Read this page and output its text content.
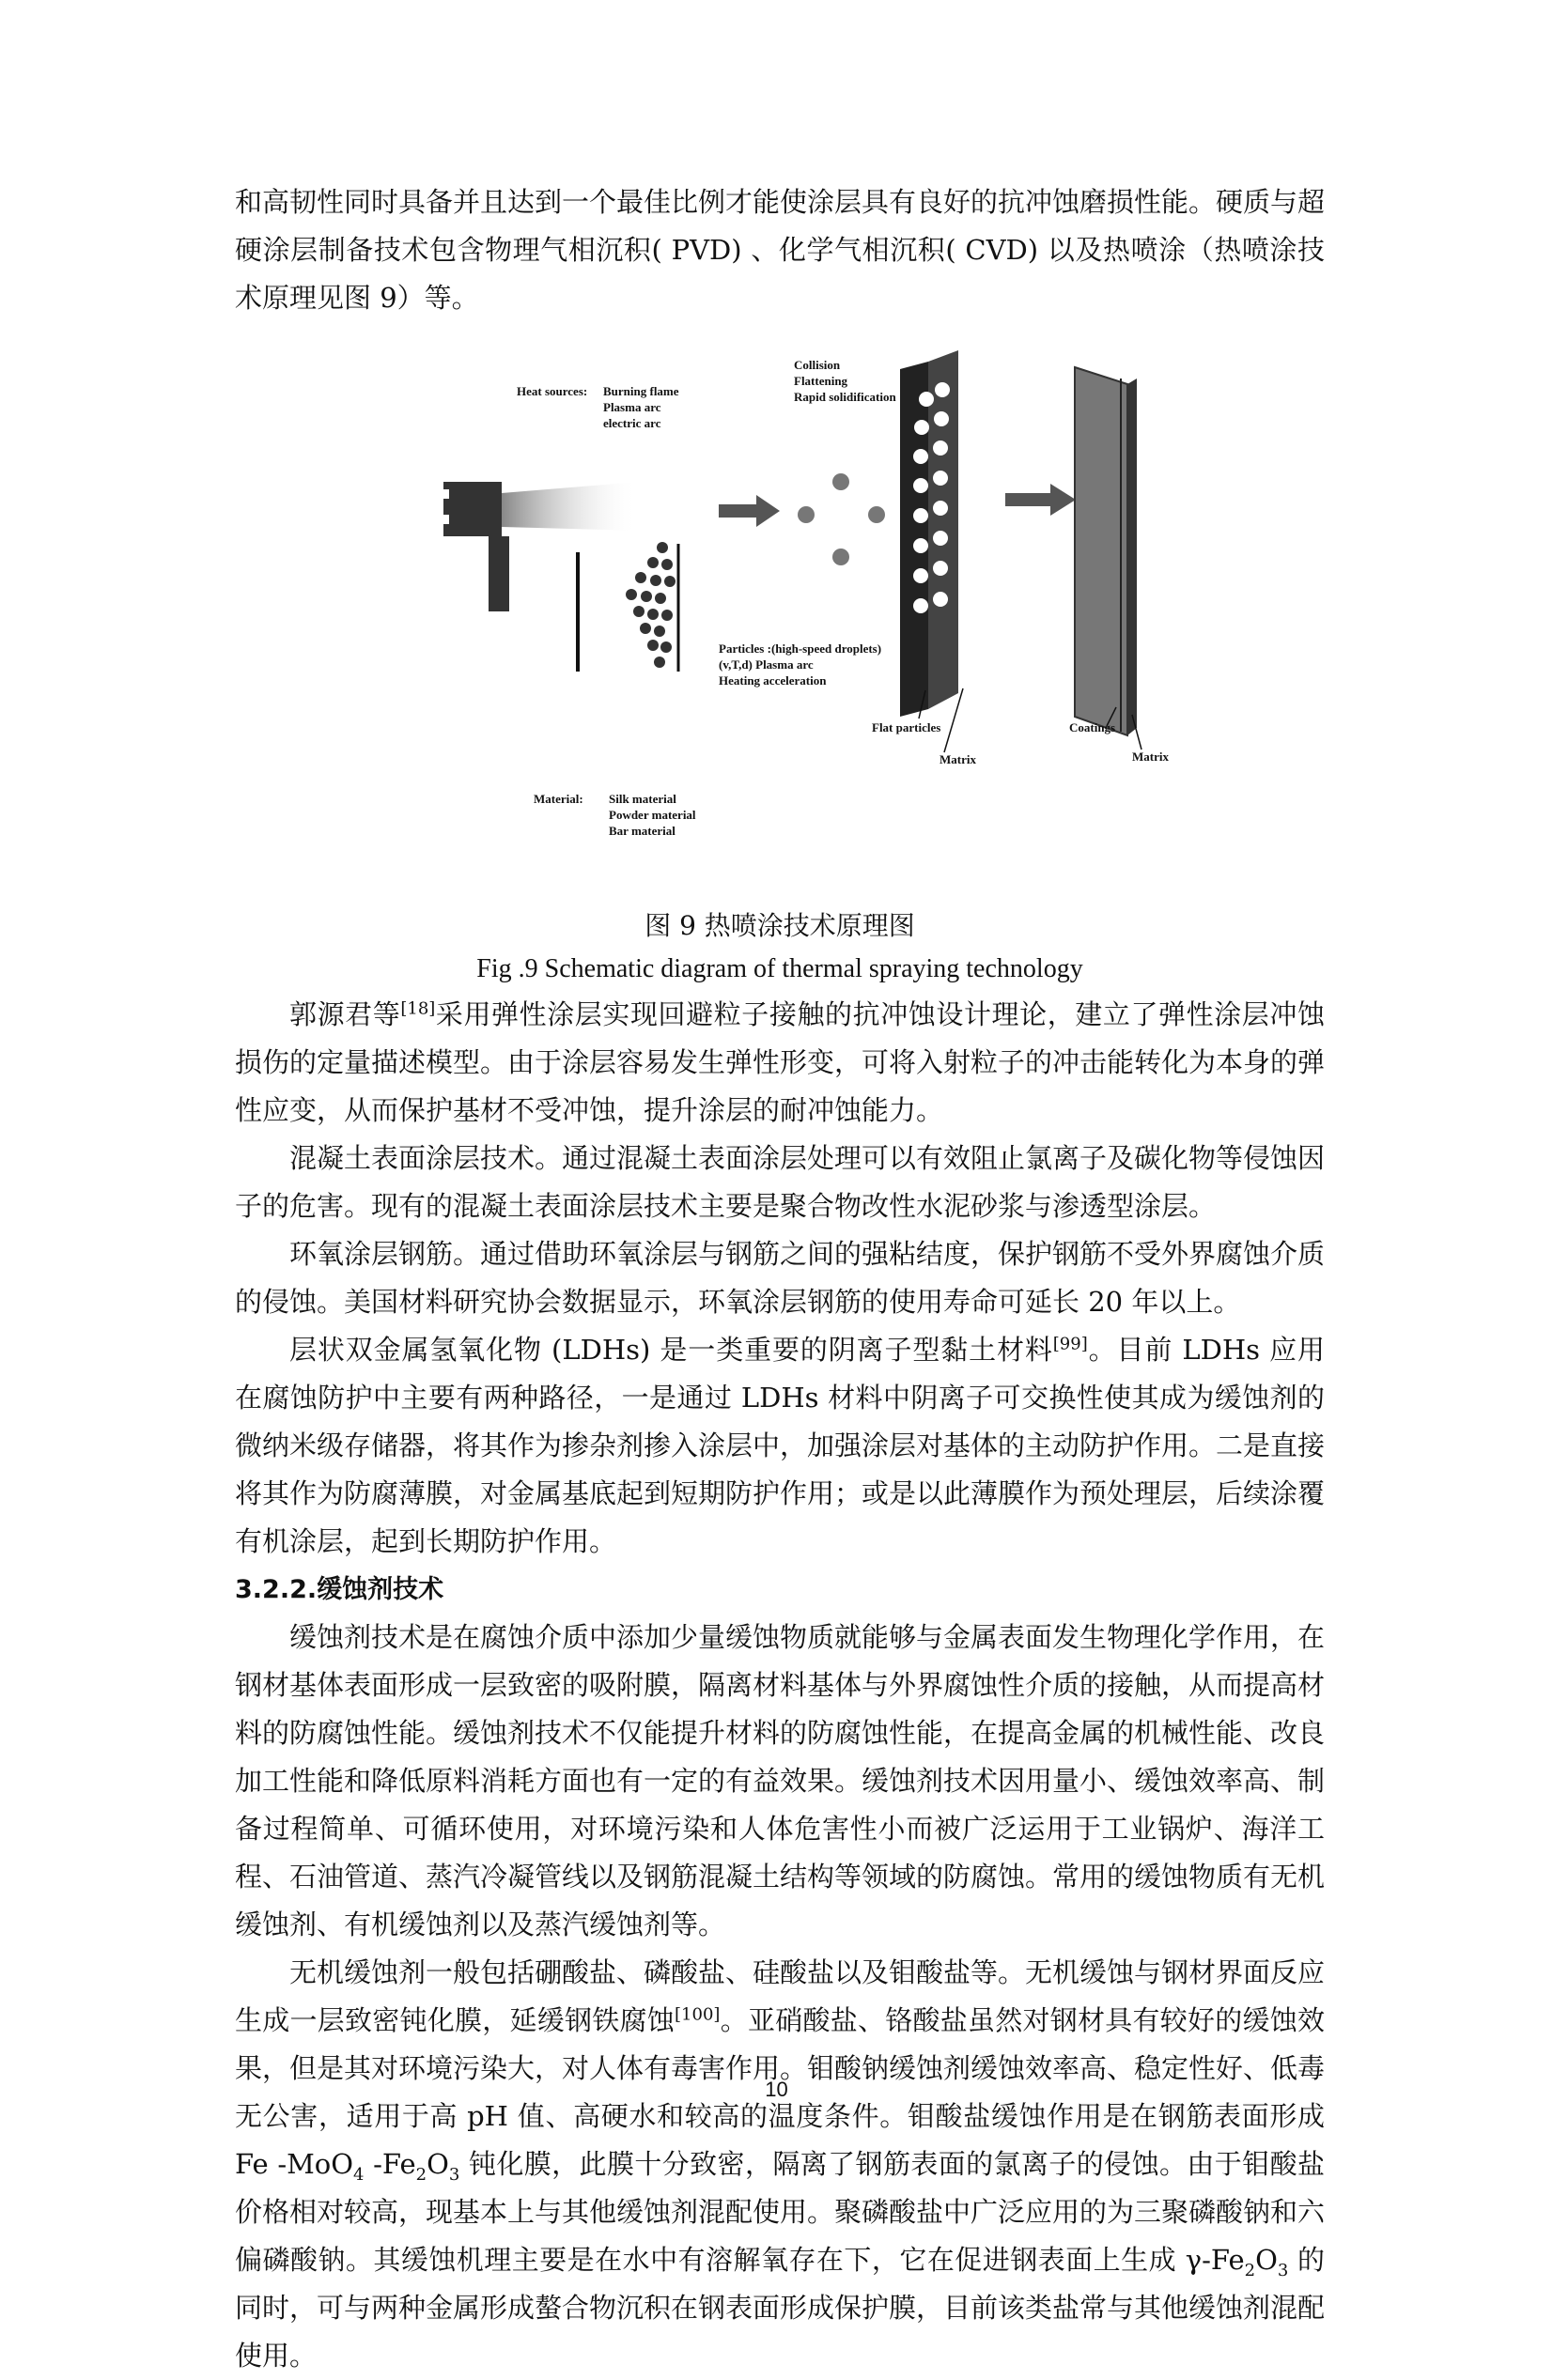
和高韧性同时具备并且达到一个最佳比例才能使涂层具有良好的抗冲蚀磨损性能。硬质与超硬涂层制备技术包含物理气相沉积( PVD) 、化学气相沉积( CVD) 以及热喷涂（热喷涂技术原理见图 9）等。

Heat sources: Burning flame
Plasma arc
electric arc
Collision
Flattening
Rapid solidification
Particles :(high-speed droplets)
(v,T,d) Plasma arc
Heating acceleration
Material: Silk material
Powder material
Bar material
Flat particles
Matrix
Coatings
Matrix

图 9 热喷涂技术原理图

Fig .9 Schematic diagram of thermal spraying technology

郭源君等[18]采用弹性涂层实现回避粒子接触的抗冲蚀设计理论，建立了弹性涂层冲蚀损伤的定量描述模型。由于涂层容易发生弹性形变，可将入射粒子的冲击能转化为本身的弹性应变，从而保护基材不受冲蚀，提升涂层的耐冲蚀能力。

混凝土表面涂层技术。通过混凝土表面涂层处理可以有效阻止氯离子及碳化物等侵蚀因子的危害。现有的混凝土表面涂层技术主要是聚合物改性水泥砂浆与渗透型涂层。

环氧涂层钢筋。通过借助环氧涂层与钢筋之间的强粘结度，保护钢筋不受外界腐蚀介质的侵蚀。美国材料研究协会数据显示，环氧涂层钢筋的使用寿命可延长 20 年以上。

层状双金属氢氧化物 (LDHs) 是一类重要的阴离子型黏土材料[99]。目前 LDHs 应用在腐蚀防护中主要有两种路径，一是通过 LDHs 材料中阴离子可交换性使其成为缓蚀剂的微纳米级存储器，将其作为掺杂剂掺入涂层中，加强涂层对基体的主动防护作用。二是直接将其作为防腐薄膜，对金属基底起到短期防护作用；或是以此薄膜作为预处理层，后续涂覆有机涂层，起到长期防护作用。

3.2.2.缓蚀剂技术

缓蚀剂技术是在腐蚀介质中添加少量缓蚀物质就能够与金属表面发生物理化学作用，在钢材基体表面形成一层致密的吸附膜，隔离材料基体与外界腐蚀性介质的接触，从而提高材料的防腐蚀性能。缓蚀剂技术不仅能提升材料的防腐蚀性能，在提高金属的机械性能、改良加工性能和降低原料消耗方面也有一定的有益效果。缓蚀剂技术因用量小、缓蚀效率高、制备过程简单、可循环使用，对环境污染和人体危害性小而被广泛运用于工业锅炉、海洋工程、石油管道、蒸汽冷凝管线以及钢筋混凝土结构等领域的防腐蚀。常用的缓蚀物质有无机缓蚀剂、有机缓蚀剂以及蒸汽缓蚀剂等。

无机缓蚀剂一般包括硼酸盐、磷酸盐、硅酸盐以及钼酸盐等。无机缓蚀与钢材界面反应生成一层致密钝化膜，延缓钢铁腐蚀[100]。亚硝酸盐、铬酸盐虽然对钢材具有较好的缓蚀效果，但是其对环境污染大，对人体有毒害作用。钼酸钠缓蚀剂缓蚀效率高、稳定性好、低毒无公害，适用于高 pH 值、高硬水和较高的温度条件。钼酸盐缓蚀作用是在钢筋表面形成 Fe -MoO$_4$ $-Fe_2O_3$ 钝化膜，此膜十分致密，隔离了钢筋表面的氯离子的侵蚀。由于钼酸盐价格相对较高，现基本上与其他缓蚀剂混配使用。聚磷酸盐中广泛应用的为三聚磷酸钠和六偏磷酸钠。其缓蚀机理主要是在水中有溶解氧存在下，它在促进钢表面上生成 $\gamma-Fe_2O_3$ 的同时，可与两种金属形成螯合物沉积在钢表面形成保护膜，目前该类盐常与其他缓蚀剂混配使用。

10
